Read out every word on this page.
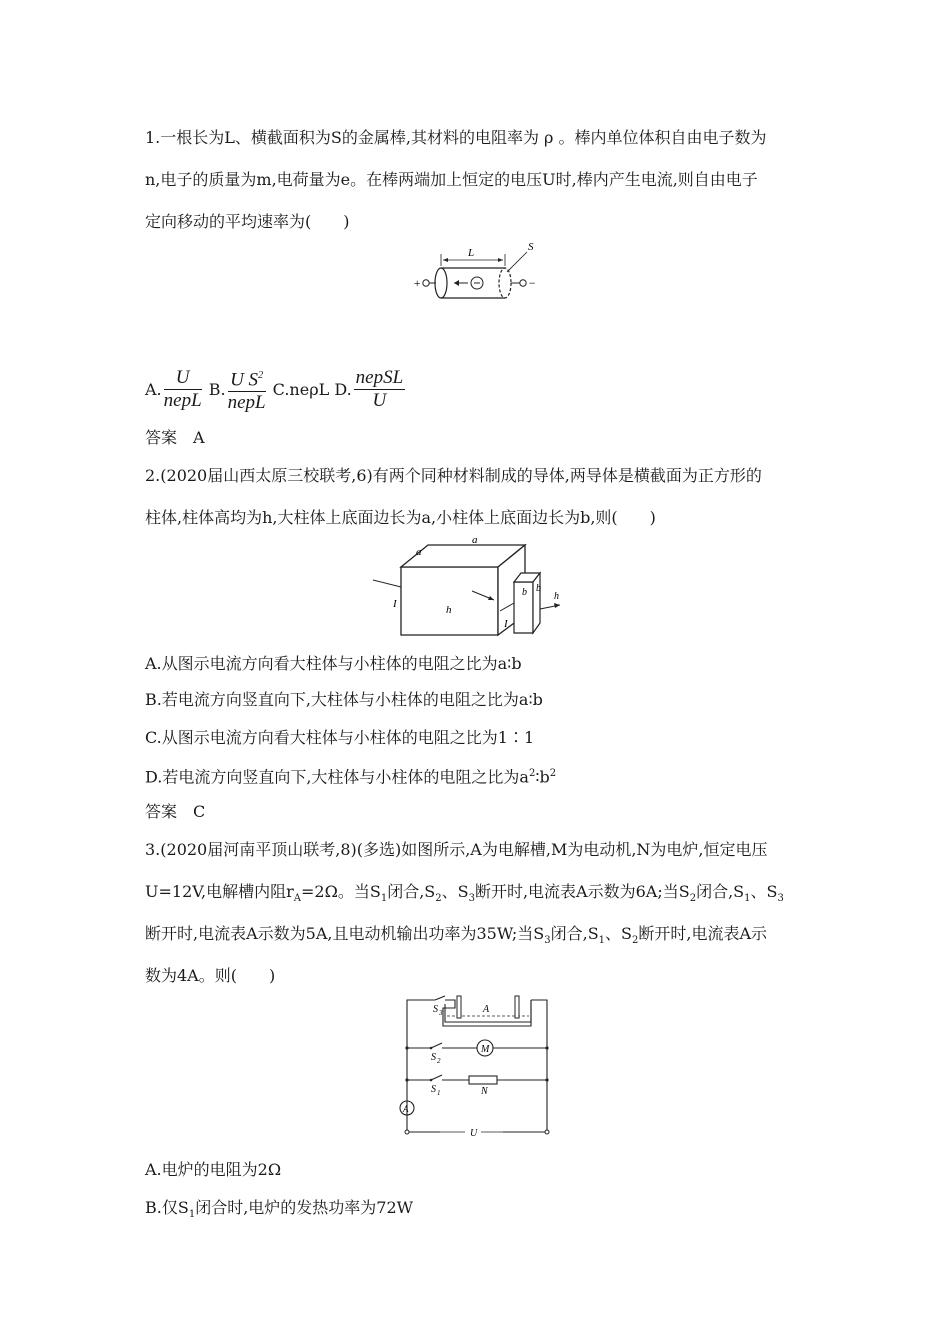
1.一根长为L、横截面积为S的金属棒,其材料的电阻率为 ρ 。棒内单位体积自由电子数为
n,电子的质量为m,电荷量为e。在棒两端加上恒定的电压U时,棒内产生电流,则自由电子
定向移动的平均速率为(　　)
+	−
L	S
A. $\frac{U}{\text{nepL}} B$. $\frac{U S^2}{\text{nepL}} C.ne\rho L$ D. $\frac{\text{nepSL}}{U}$
答案　A
2.(2020届山西太原三校联考,6)有两个同种材料制成的导体,两导体是横截面为正方形的
柱体,柱体高均为h,大柱体上底面边长为a,小柱体上底面边长为b,则(　　)
a
a
h
I
b b
I
h
A.从图示电流方向看大柱体与小柱体的电阻之比为a∶b
B.若电流方向竖直向下,大柱体与小柱体的电阻之比为a∶b
C.从图示电流方向看大柱体与小柱体的电阻之比为1∶1
D.若电流方向竖直向下,大柱体与小柱体的电阻之比为$a^2∶b^2$
答案　C
3.(2020届河南平顶山联考,8)(多选)如图所示,A为电解槽,M为电动机,N为电炉,恒定电压
U=12V,电解槽内阻$r_A=2\Omega$。当$S_1$闭合$,S_2$、$S_3$断开时,电流表A示数为6A;当$S_2$闭合$,S_1$、$S_3$
断开时,电流表A示数为5A,且电动机输出功率为35W;当$S_3$闭合$,S_1$、$S_2$断开时,电流表A示
数为4A。则(　　)
S 3	A
S 2
M
S 1	N
A
U
A.电炉的电阻为2Ω
B.仅$S_1$闭合时,电炉的发热功率为72W
